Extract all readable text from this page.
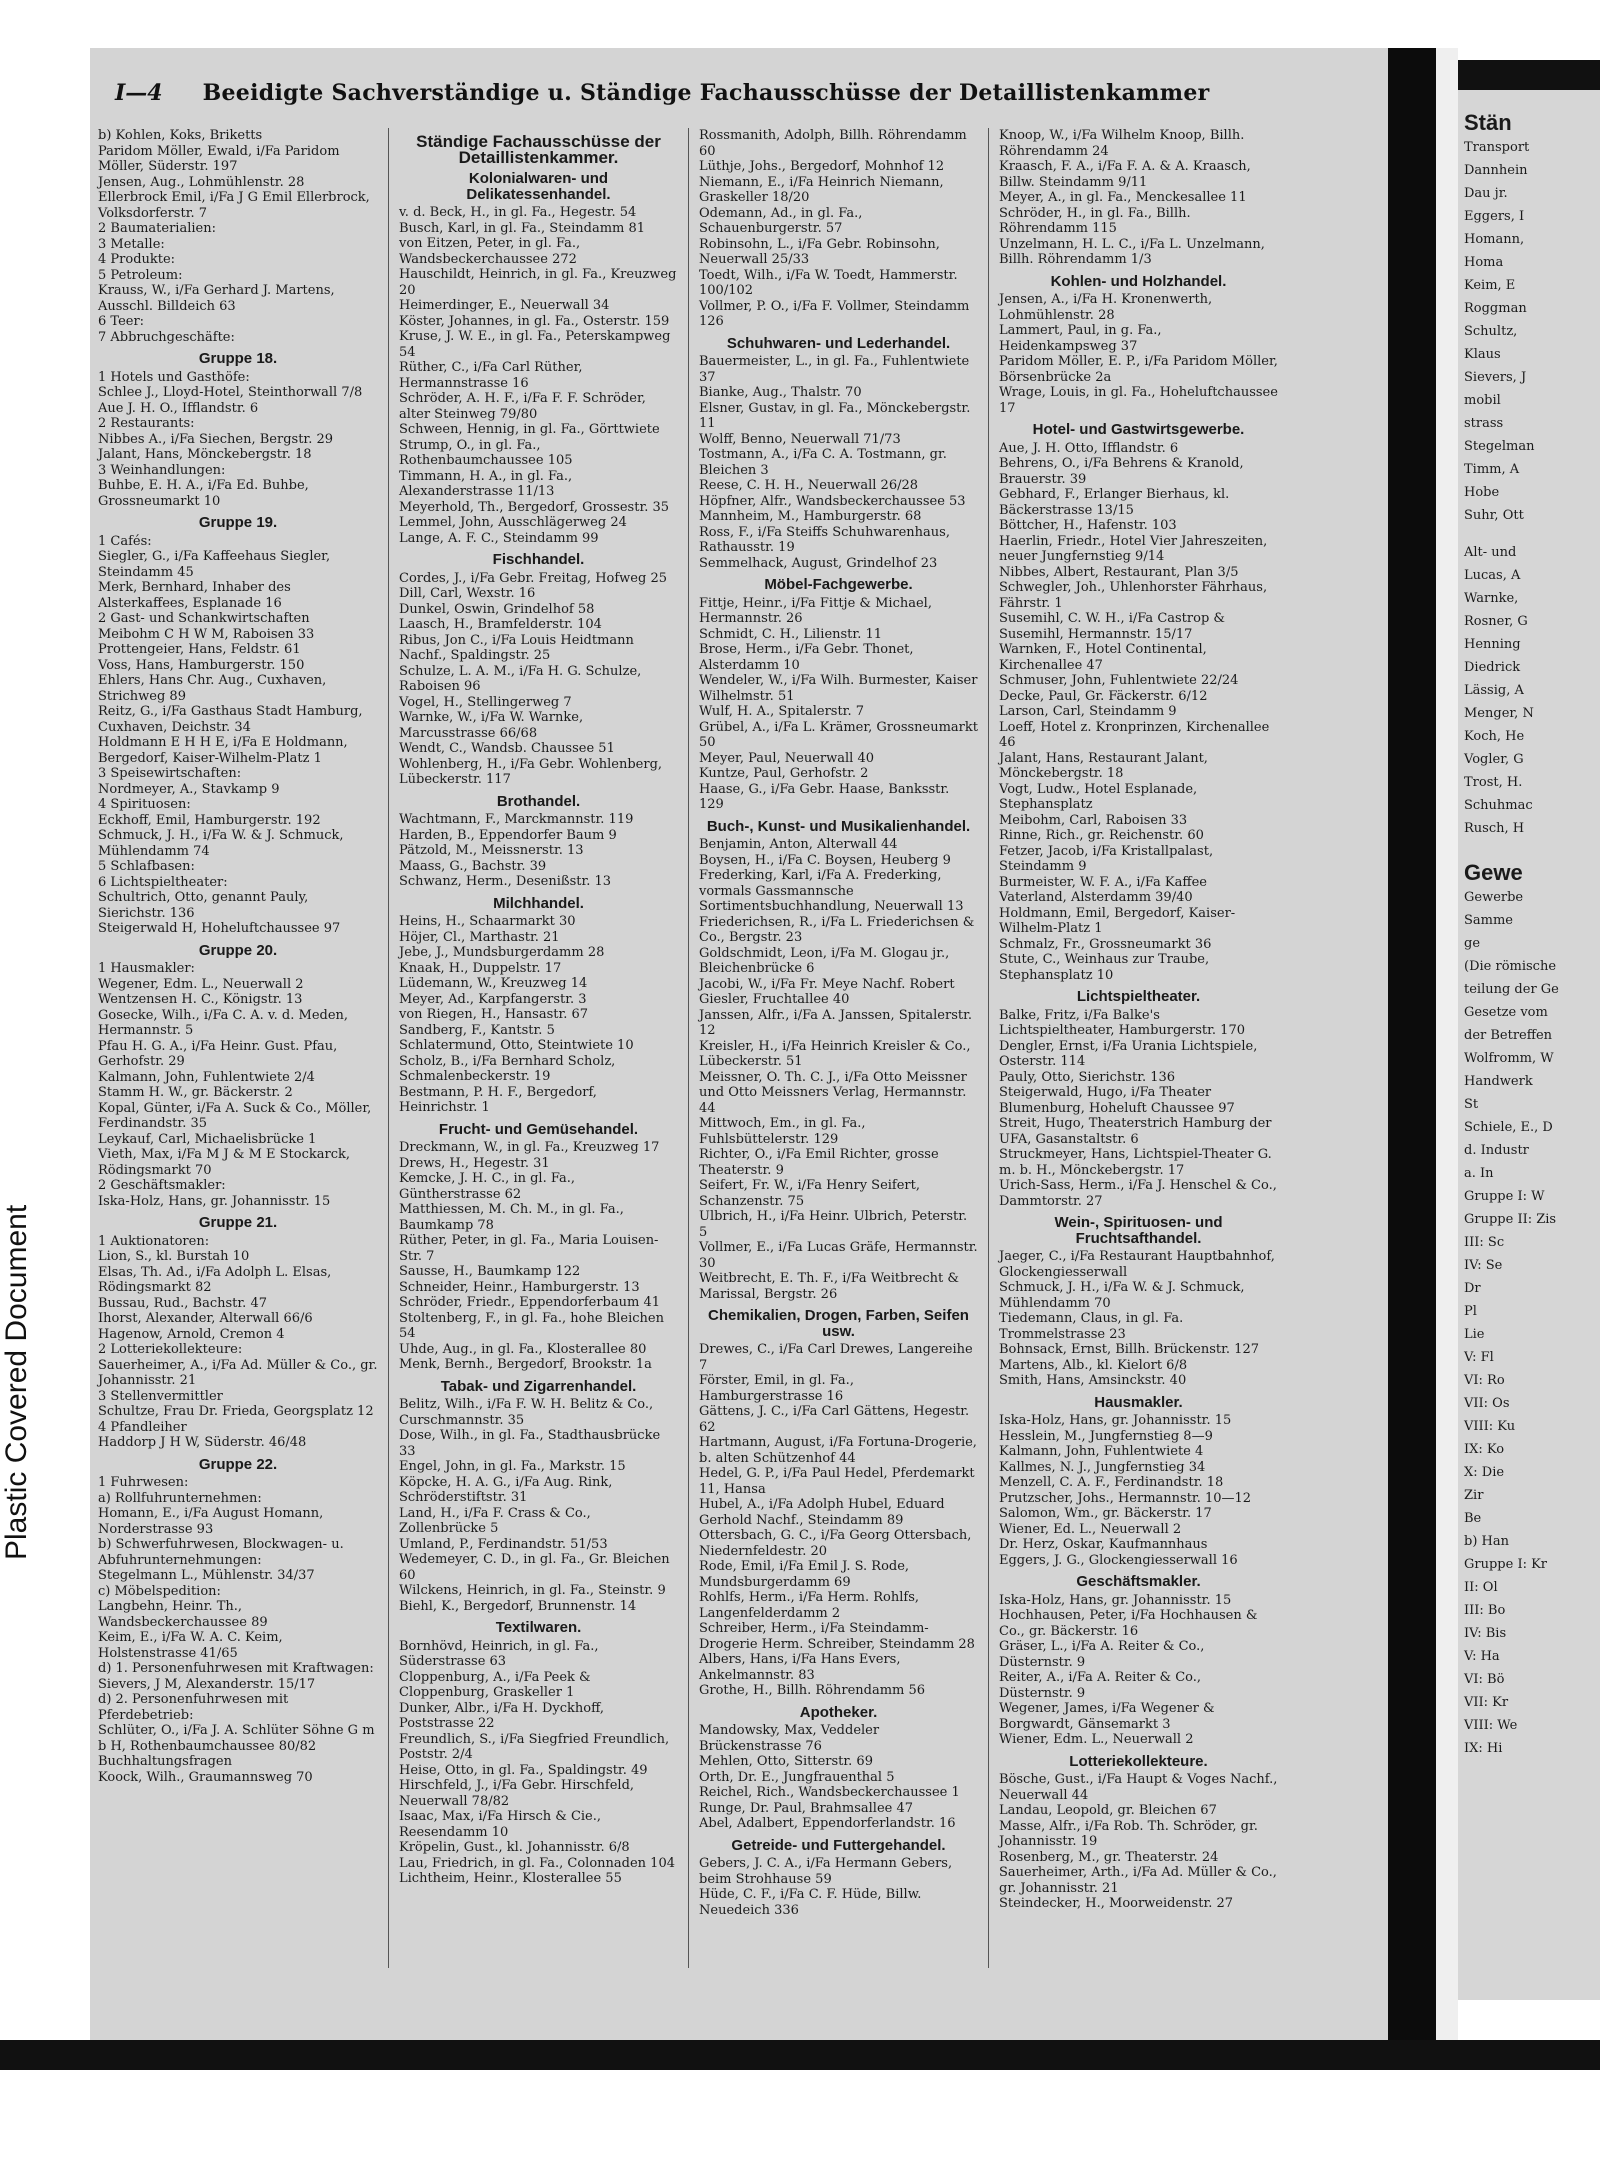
Stän
Transport
Dannhein
Dau jr.
Eggers, I
Homann,
Homa
Keim, E
Roggman
Schultz,
Klaus
Sievers, J
mobil
strass
Stegelman
Timm, A
Hobe
Suhr, Ott
Alt- und
Lucas, A
Warnke,
Rosner, G
Henning
Diedrick
Lässig, A
Menger, N
Koch, He
Vogler, G
Trost, H.
Schuhmac
Rusch, H
Gewe
Gewerbe
Samme
ge
(Die römische
teilung der Ge
Gesetze vom
der Betreffen
Wolfromm, W
Handwerk
St
Schiele, E., D
d. Industr
a. In
Gruppe I: W
Gruppe II: Zis
III: Sc
IV: Se
Dr
Pl
Lie
V: Fl
VI: Ro
VII: Os
VIII: Ku
IX: Ko
X: Die
Zir
Be
b) Han
Gruppe I: Kr
II: Ol
III: Bo
IV: Bis
V: Ha
VI: Bö
VII: Kr
VIII: We
IX: Hi
Plastic Covered Document
I—4 Beeidigte Sachverständige u. Ständige Fachausschüsse der Detaillistenkammer
b) Kohlen, Koks, Briketts
Paridom Möller, Ewald, i/Fa Paridom Möller, Süderstr. 197
Jensen, Aug., Lohmühlenstr. 28
Ellerbrock Emil, i/Fa J G Emil Ellerbrock, Volksdorferstr. 7
2 Baumaterialien:
3 Metalle:
4 Produkte:
5 Petroleum:
Krauss, W., i/Fa Gerhard J. Martens, Ausschl. Billdeich 63
6 Teer:
7 Abbruchgeschäfte:
Gruppe 18.
1 Hotels und Gasthöfe:
Schlee J., Lloyd-Hotel, Steinthorwall 7/8
Aue J. H. O., Ifflandstr. 6
2 Restaurants:
Nibbes A., i/Fa Siechen, Bergstr. 29
Jalant, Hans, Mönckebergstr. 18
3 Weinhandlungen:
Buhbe, E. H. A., i/Fa Ed. Buhbe, Grossneumarkt 10
Gruppe 19.
1 Cafés:
Siegler, G., i/Fa Kaffeehaus Siegler, Steindamm 45
Merk, Bernhard, Inhaber des Alsterkaffees, Esplanade 16
2 Gast- und Schankwirtschaften
Meibohm C H W M, Raboisen 33
Prottengeier, Hans, Feldstr. 61
Voss, Hans, Hamburgerstr. 150
Ehlers, Hans Chr. Aug., Cuxhaven, Strichweg 89
Reitz, G., i/Fa Gasthaus Stadt Hamburg, Cuxhaven, Deichstr. 34
Holdmann E H H E, i/Fa E Holdmann, Bergedorf, Kaiser-Wilhelm-Platz 1
3 Speisewirtschaften:
Nordmeyer, A., Stavkamp 9
4 Spirituosen:
Eckhoff, Emil, Hamburgerstr. 192
Schmuck, J. H., i/Fa W. & J. Schmuck, Mühlendamm 74
5 Schlafbasen:
6 Lichtspieltheater:
Schultrich, Otto, genannt Pauly, Sierichstr. 136
Steigerwald H, Hoheluftchaussee 97
Gruppe 20.
1 Hausmakler:
Wegener, Edm. L., Neuerwall 2
Wentzensen H. C., Königstr. 13
Gosecke, Wilh., i/Fa C. A. v. d. Meden, Hermannstr. 5
Pfau H. G. A., i/Fa Heinr. Gust. Pfau, Gerhofstr. 29
Kalmann, John, Fuhlentwiete 2/4
Stamm H. W., gr. Bäckerstr. 2
Kopal, Günter, i/Fa A. Suck & Co., Möller, Ferdinandstr. 35
Leykauf, Carl, Michaelisbrücke 1
Vieth, Max, i/Fa M J & M E Stockarck, Rödingsmarkt 70
2 Geschäftsmakler:
Iska-Holz, Hans, gr. Johannisstr. 15
Gruppe 21.
1 Auktionatoren:
Lion, S., kl. Burstah 10
Elsas, Th. Ad., i/Fa Adolph L. Elsas, Rödingsmarkt 82
Bussau, Rud., Bachstr. 47
Ihorst, Alexander, Alterwall 66/6
Hagenow, Arnold, Cremon 4
2 Lotteriekollekteure:
Sauerheimer, A., i/Fa Ad. Müller & Co., gr. Johannisstr. 21
3 Stellenvermittler
Schultze, Frau Dr. Frieda, Georgsplatz 12
4 Pfandleiher
Haddorp J H W, Süderstr. 46/48
Gruppe 22.
1 Fuhrwesen:
a) Rollfuhrunternehmen:
Homann, E., i/Fa August Homann, Norderstrasse 93
b) Schwerfuhrwesen, Blockwagen- u. Abfuhrunternehmungen:
Stegelmann L., Mühlenstr. 34/37
c) Möbelspedition:
Langbehn, Heinr. Th., Wandsbeckerchaussee 89
Keim, E., i/Fa W. A. C. Keim, Holstenstrasse 41/65
d) 1. Personenfuhrwesen mit Kraftwagen:
Sievers, J M, Alexanderstr. 15/17
d) 2. Personenfuhrwesen mit Pferdebetrieb:
Schlüter, O., i/Fa J. A. Schlüter Söhne G m b H, Rothenbaumchaussee 80/82
Buchhaltungsfragen
Koock, Wilh., Graumannsweg 70
Ständige Fachausschüsse der Detaillistenkammer.
Kolonialwaren- und Delikatessenhandel.
v. d. Beck, H., in gl. Fa., Hegestr. 54
Busch, Karl, in gl. Fa., Steindamm 81
von Eitzen, Peter, in gl. Fa., Wandsbeckerchaussee 272
Hauschildt, Heinrich, in gl. Fa., Kreuzweg 20
Heimerdinger, E., Neuerwall 34
Köster, Johannes, in gl. Fa., Osterstr. 159
Kruse, J. W. E., in gl. Fa., Peterskampweg 54
Rüther, C., i/Fa Carl Rüther, Hermannstrasse 16
Schröder, A. H. F., i/Fa F. F. Schröder, alter Steinweg 79/80
Schween, Hennig, in gl. Fa., Görttwiete
Strump, O., in gl. Fa., Rothenbaumchaussee 105
Timmann, H. A., in gl. Fa., Alexanderstrasse 11/13
Meyerhold, Th., Bergedorf, Grossestr. 35
Lemmel, John, Ausschlägerweg 24
Lange, A. F. C., Steindamm 99
Fischhandel.
Cordes, J., i/Fa Gebr. Freitag, Hofweg 25
Dill, Carl, Wexstr. 16
Dunkel, Oswin, Grindelhof 58
Laasch, H., Bramfelderstr. 104
Ribus, Jon C., i/Fa Louis Heidtmann Nachf., Spaldingstr. 25
Schulze, L. A. M., i/Fa H. G. Schulze, Raboisen 96
Vogel, H., Stellingerweg 7
Warnke, W., i/Fa W. Warnke, Marcusstrasse 66/68
Wendt, C., Wandsb. Chaussee 51
Wohlenberg, H., i/Fa Gebr. Wohlenberg, Lübeckerstr. 117
Brothandel.
Wachtmann, F., Marckmannstr. 119
Harden, B., Eppendorfer Baum 9
Pätzold, M., Meissnerstr. 13
Maass, G., Bachstr. 39
Schwanz, Herm., Desenißstr. 13
Milchhandel.
Heins, H., Schaarmarkt 30
Höjer, Cl., Marthastr. 21
Jebe, J., Mundsburgerdamm 28
Knaak, H., Duppelstr. 17
Lüdemann, W., Kreuzweg 14
Meyer, Ad., Karpfangerstr. 3
von Riegen, H., Hansastr. 67
Sandberg, F., Kantstr. 5
Schlatermund, Otto, Steintwiete 10
Scholz, B., i/Fa Bernhard Scholz, Schmalenbeckerstr. 19
Bestmann, P. H. F., Bergedorf, Heinrichstr. 1
Frucht- und Gemüsehandel.
Dreckmann, W., in gl. Fa., Kreuzweg 17
Drews, H., Hegestr. 31
Kemcke, J. H. C., in gl. Fa., Güntherstrasse 62
Matthiessen, M. Ch. M., in gl. Fa., Baumkamp 78
Rüther, Peter, in gl. Fa., Maria Louisen-Str. 7
Sausse, H., Baumkamp 122
Schneider, Heinr., Hamburgerstr. 13
Schröder, Friedr., Eppendorferbaum 41
Stoltenberg, F., in gl. Fa., hohe Bleichen 54
Uhde, Aug., in gl. Fa., Klosterallee 80
Menk, Bernh., Bergedorf, Brookstr. 1a
Tabak- und Zigarrenhandel.
Belitz, Wilh., i/Fa F. W. H. Belitz & Co., Curschmannstr. 35
Dose, Wilh., in gl. Fa., Stadthausbrücke 33
Engel, John, in gl. Fa., Markstr. 15
Köpcke, H. A. G., i/Fa Aug. Rink, Schröderstiftstr. 31
Land, H., i/Fa F. Crass & Co., Zollenbrücke 5
Umland, P., Ferdinandstr. 51/53
Wedemeyer, C. D., in gl. Fa., Gr. Bleichen 60
Wilckens, Heinrich, in gl. Fa., Steinstr. 9
Biehl, K., Bergedorf, Brunnenstr. 14
Textilwaren.
Bornhövd, Heinrich, in gl. Fa., Süderstrasse 63
Cloppenburg, A., i/Fa Peek & Cloppenburg, Graskeller 1
Dunker, Albr., i/Fa H. Dyckhoff, Poststrasse 22
Freundlich, S., i/Fa Siegfried Freundlich, Poststr. 2/4
Heise, Otto, in gl. Fa., Spaldingstr. 49
Hirschfeld, J., i/Fa Gebr. Hirschfeld, Neuerwall 78/82
Isaac, Max, i/Fa Hirsch & Cie., Reesendamm 10
Kröpelin, Gust., kl. Johannisstr. 6/8
Lau, Friedrich, in gl. Fa., Colonnaden 104
Lichtheim, Heinr., Klosterallee 55
Rossmanith, Adolph, Billh. Röhrendamm 60
Lüthje, Johs., Bergedorf, Mohnhof 12
Niemann, E., i/Fa Heinrich Niemann, Graskeller 18/20
Odemann, Ad., in gl. Fa., Schauenburgerstr. 57
Robinsohn, L., i/Fa Gebr. Robinsohn, Neuerwall 25/33
Toedt, Wilh., i/Fa W. Toedt, Hammerstr. 100/102
Vollmer, P. O., i/Fa F. Vollmer, Steindamm 126
Schuhwaren- und Lederhandel.
Bauermeister, L., in gl. Fa., Fuhlentwiete 37
Bianke, Aug., Thalstr. 70
Elsner, Gustav, in gl. Fa., Mönckebergstr. 11
Wolff, Benno, Neuerwall 71/73
Tostmann, A., i/Fa C. A. Tostmann, gr. Bleichen 3
Reese, C. H. H., Neuerwall 26/28
Höpfner, Alfr., Wandsbeckerchaussee 53
Mannheim, M., Hamburgerstr. 68
Ross, F., i/Fa Steiffs Schuhwarenhaus, Rathausstr. 19
Semmelhack, August, Grindelhof 23
Möbel-Fachgewerbe.
Fittje, Heinr., i/Fa Fittje & Michael, Hermannstr. 26
Schmidt, C. H., Lilienstr. 11
Brose, Herm., i/Fa Gebr. Thonet, Alsterdamm 10
Wendeler, W., i/Fa Wilh. Burmester, Kaiser Wilhelmstr. 51
Wulf, H. A., Spitalerstr. 7
Grübel, A., i/Fa L. Krämer, Grossneumarkt 50
Meyer, Paul, Neuerwall 40
Kuntze, Paul, Gerhofstr. 2
Haase, G., i/Fa Gebr. Haase, Banksstr. 129
Buch-, Kunst- und Musikalienhandel.
Benjamin, Anton, Alterwall 44
Boysen, H., i/Fa C. Boysen, Heuberg 9
Frederking, Karl, i/Fa A. Frederking, vormals Gassmannsche Sortimentsbuchhandlung, Neuerwall 13
Friederichsen, R., i/Fa L. Friederichsen & Co., Bergstr. 23
Goldschmidt, Leon, i/Fa M. Glogau jr., Bleichenbrücke 6
Jacobi, W., i/Fa Fr. Meye Nachf. Robert Giesler, Fruchtallee 40
Janssen, Alfr., i/Fa A. Janssen, Spitalerstr. 12
Kreisler, H., i/Fa Heinrich Kreisler & Co., Lübeckerstr. 51
Meissner, O. Th. C. J., i/Fa Otto Meissner und Otto Meissners Verlag, Hermannstr. 44
Mittwoch, Em., in gl. Fa., Fuhlsbüttelerstr. 129
Richter, O., i/Fa Emil Richter, grosse Theaterstr. 9
Seifert, Fr. W., i/Fa Henry Seifert, Schanzenstr. 75
Ulbrich, H., i/Fa Heinr. Ulbrich, Peterstr. 5
Vollmer, E., i/Fa Lucas Gräfe, Hermannstr. 30
Weitbrecht, E. Th. F., i/Fa Weitbrecht & Marissal, Bergstr. 26
Chemikalien, Drogen, Farben, Seifen usw.
Drewes, C., i/Fa Carl Drewes, Langereihe 7
Förster, Emil, in gl. Fa., Hamburgerstrasse 16
Gättens, J. C., i/Fa Carl Gättens, Hegestr. 62
Hartmann, August, i/Fa Fortuna-Drogerie, b. alten Schützenhof 44
Hedel, G. P., i/Fa Paul Hedel, Pferdemarkt 11, Hansa
Hubel, A., i/Fa Adolph Hubel, Eduard Gerhold Nachf., Steindamm 89
Ottersbach, G. C., i/Fa Georg Ottersbach, Niedernfeldestr. 20
Rode, Emil, i/Fa Emil J. S. Rode, Mundsburgerdamm 69
Rohlfs, Herm., i/Fa Herm. Rohlfs, Langenfelderdamm 2
Schreiber, Herm., i/Fa Steindamm-Drogerie Herm. Schreiber, Steindamm 28
Albers, Hans, i/Fa Hans Evers, Ankelmannstr. 83
Grothe, H., Billh. Röhrendamm 56
Apotheker.
Mandowsky, Max, Veddeler Brückenstrasse 76
Mehlen, Otto, Sitterstr. 69
Orth, Dr. E., Jungfrauenthal 5
Reichel, Rich., Wandsbeckerchaussee 1
Runge, Dr. Paul, Brahmsallee 47
Abel, Adalbert, Eppendorferlandstr. 16
Getreide- und Futtergehandel.
Gebers, J. C. A., i/Fa Hermann Gebers, beim Strohhause 59
Hüde, C. F., i/Fa C. F. Hüde, Billw. Neuedeich 336
Knoop, W., i/Fa Wilhelm Knoop, Billh. Röhrendamm 24
Kraasch, F. A., i/Fa F. A. & A. Kraasch, Billw. Steindamm 9/11
Meyer, A., in gl. Fa., Menckesallee 11
Schröder, H., in gl. Fa., Billh. Röhrendamm 115
Unzelmann, H. L. C., i/Fa L. Unzelmann, Billh. Röhrendamm 1/3
Kohlen- und Holzhandel.
Jensen, A., i/Fa H. Kronenwerth, Lohmühlenstr. 28
Lammert, Paul, in g. Fa., Heidenkampsweg 37
Paridom Möller, E. P., i/Fa Paridom Möller, Börsenbrücke 2a
Wrage, Louis, in gl. Fa., Hoheluftchaussee 17
Hotel- und Gastwirtsgewerbe.
Aue, J. H. Otto, Ifflandstr. 6
Behrens, O., i/Fa Behrens & Kranold, Brauerstr. 39
Gebhard, F., Erlanger Bierhaus, kl. Bäckerstrasse 13/15
Böttcher, H., Hafenstr. 103
Haerlin, Friedr., Hotel Vier Jahreszeiten, neuer Jungfernstieg 9/14
Nibbes, Albert, Restaurant, Plan 3/5
Schwegler, Joh., Uhlenhorster Fährhaus, Fährstr. 1
Susemihl, C. W. H., i/Fa Castrop & Susemihl, Hermannstr. 15/17
Warnken, F., Hotel Continental, Kirchenallee 47
Schmuser, John, Fuhlentwiete 22/24
Decke, Paul, Gr. Fäckerstr. 6/12
Larson, Carl, Steindamm 9
Loeff, Hotel z. Kronprinzen, Kirchenallee 46
Jalant, Hans, Restaurant Jalant, Mönckebergstr. 18
Vogt, Ludw., Hotel Esplanade, Stephansplatz
Meibohm, Carl, Raboisen 33
Rinne, Rich., gr. Reichenstr. 60
Fetzer, Jacob, i/Fa Kristallpalast, Steindamm 9
Burmeister, W. F. A., i/Fa Kaffee Vaterland, Alsterdamm 39/40
Holdmann, Emil, Bergedorf, Kaiser-Wilhelm-Platz 1
Schmalz, Fr., Grossneumarkt 36
Stute, C., Weinhaus zur Traube, Stephansplatz 10
Lichtspieltheater.
Balke, Fritz, i/Fa Balke's Lichtspieltheater, Hamburgerstr. 170
Dengler, Ernst, i/Fa Urania Lichtspiele, Osterstr. 114
Pauly, Otto, Sierichstr. 136
Steigerwald, Hugo, i/Fa Theater Blumenburg, Hoheluft Chaussee 97
Streit, Hugo, Theaterstrich Hamburg der UFA, Gasanstaltstr. 6
Struckmeyer, Hans, Lichtspiel-Theater G. m. b. H., Mönckebergstr. 17
Urich-Sass, Herm., i/Fa J. Henschel & Co., Dammtorstr. 27
Wein-, Spirituosen- und Fruchtsafthandel.
Jaeger, C., i/Fa Restaurant Hauptbahnhof, Glockengiesserwall
Schmuck, J. H., i/Fa W. & J. Schmuck, Mühlendamm 70
Tiedemann, Claus, in gl. Fa. Trommelstrasse 23
Bohnsack, Ernst, Billh. Brückenstr. 127
Martens, Alb., kl. Kielort 6/8
Smith, Hans, Amsinckstr. 40
Hausmakler.
Iska-Holz, Hans, gr. Johannisstr. 15
Hesslein, M., Jungfernstieg 8—9
Kalmann, John, Fuhlentwiete 4
Kallmes, N. J., Jungfernstieg 34
Menzell, C. A. F., Ferdinandstr. 18
Prutzscher, Johs., Hermannstr. 10—12
Salomon, Wm., gr. Bäckerstr. 17
Wiener, Ed. L., Neuerwall 2
Dr. Herz, Oskar, Kaufmannhaus
Eggers, J. G., Glockengiesserwall 16
Geschäftsmakler.
Iska-Holz, Hans, gr. Johannisstr. 15
Hochhausen, Peter, i/Fa Hochhausen & Co., gr. Bäckerstr. 16
Gräser, L., i/Fa A. Reiter & Co., Düsternstr. 9
Reiter, A., i/Fa A. Reiter & Co., Düsternstr. 9
Wegener, James, i/Fa Wegener & Borgwardt, Gänsemarkt 3
Wiener, Edm. L., Neuerwall 2
Lotteriekollekteure.
Bösche, Gust., i/Fa Haupt & Voges Nachf., Neuerwall 44
Landau, Leopold, gr. Bleichen 67
Masse, Alfr., i/Fa Rob. Th. Schröder, gr. Johannisstr. 19
Rosenberg, M., gr. Theaterstr. 24
Sauerheimer, Arth., i/Fa Ad. Müller & Co., gr. Johannisstr. 21
Steindecker, H., Moorweidenstr. 27
